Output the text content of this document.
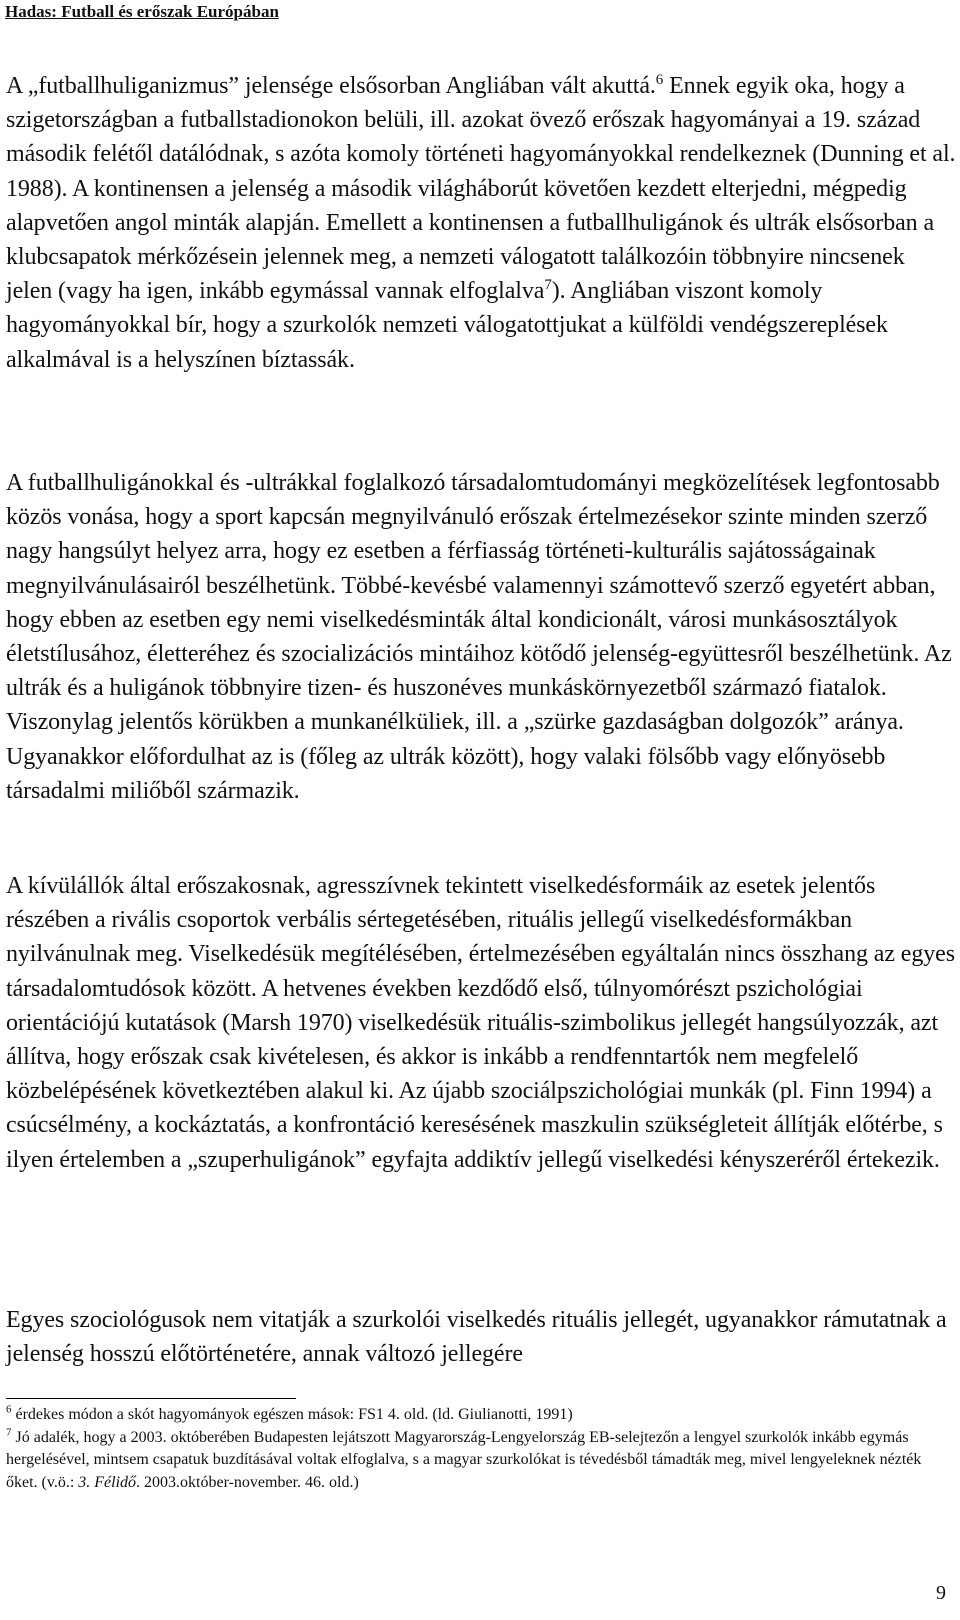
Hadas: Futball és erőszak Európában

A „futballhuliganizmus” jelensége elsősorban Angliában vált akuttá.$^6$ Ennek egyik oka, hogy a szigetországban a futballstadionokon belüli, ill. azokat övező erőszak hagyományai a 19. század második felétől datálódnak, s azóta komoly történeti hagyományokkal rendelkeznek (Dunning et al. 1988). A kontinensen a jelenség a második világháborút követően kezdett elterjedni, mégpedig alapvetően angol minták alapján. Emellett a kontinensen a futballhuligánok és ultrák elsősorban a klubcsapatok mérkőzésein jelennek meg, a nemzeti válogatott találkozóin többnyire nincsenek jelen (vagy ha igen, inkább egymással vannak elfoglalva$^7$). Angliában viszont komoly hagyományokkal bír, hogy a szurkolók nemzeti válogatottjukat a külföldi vendégszereplések alkalmával is a helyszínen bíztassák.

A futballhuligánokkal és -ultrákkal foglalkozó társadalomtudományi megközelítések legfontosabb közös vonása, hogy a sport kapcsán megnyilvánuló erőszak értelmezésekor szinte minden szerző nagy hangsúlyt helyez arra, hogy ez esetben a férfiasság történeti-kulturális sajátosságainak megnyilvánulásairól beszélhetünk. Többé-kevésbé valamennyi számottevő szerző egyetért abban, hogy ebben az esetben egy nemi viselkedésminták által kondicionált, városi munkásosztályok életstílusához, életteréhez és szocializációs mintáihoz kötődő jelenség-együttesről beszélhetünk. Az ultrák és a huligánok többnyire tizen- és huszonéves munkáskörnyezetből származó fiatalok. Viszonylag jelentős körükben a munkanélküliek, ill. a „szürke gazdaságban dolgozók” aránya. Ugyanakkor előfordulhat az is (főleg az ultrák között), hogy valaki fölsőbb vagy előnyösebb társadalmi miliőből származik.

A kívülállók által erőszakosnak, agresszívnek tekintett viselkedésformáik az esetek jelentős részében a rivális csoportok verbális sértegetésében, rituális jellegű viselkedésformákban nyilvánulnak meg. Viselkedésük megítélésében, értelmezésében egyáltalán nincs összhang az egyes társadalomtudósok között. A hetvenes években kezdődő első, túlnyomórészt pszichológiai orientációjú kutatások (Marsh 1970) viselkedésük rituális-szimbolikus jellegét hangsúlyozzák, azt állítva, hogy erőszak csak kivételesen, és akkor is inkább a rendfenntartók nem megfelelő közbelépésének következtében alakul ki. Az újabb szociálpszichológiai munkák (pl. Finn 1994) a csúcsélmény, a kockáztatás, a konfrontáció keresésének maszkulin szükségleteit állítják előtérbe, s ilyen értelemben a „szuperhuligánok” egyfajta addiktív jellegű viselkedési kényszeréről értekezik.

Egyes szociológusok nem vitatják a szurkolói viselkedés rituális jellegét, ugyanakkor rámutatnak a jelenség hosszú előtörténetére, annak változó jellegére

$^6$ érdekes módon a skót hagyományok egészen mások: FS1 4. old. (ld. Giulianotti, 1991)

$^7$ Jó adalék, hogy a 2003. októberében Budapesten lejátszott Magyarország-Lengyelország EB-selejtezőn a lengyel szurkolók inkább egymás hergelésével, mintsem csapatuk buzdításával voltak elfoglalva, s a magyar szurkolókat is tévedésből támadták meg, mivel lengyeleknek nézték őket. (v.ö.: 3. Félidő. 2003.október-november. 46. old.)

9
